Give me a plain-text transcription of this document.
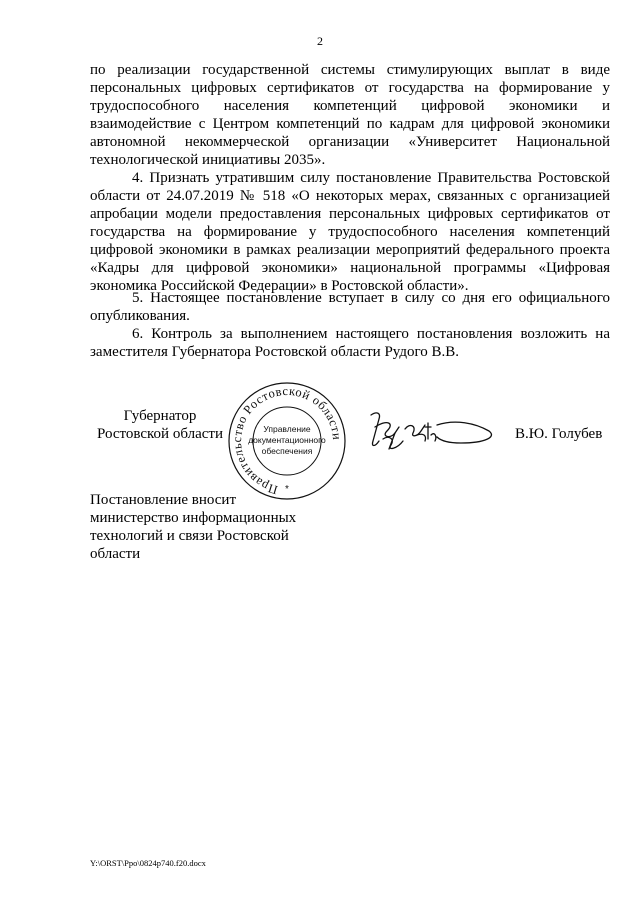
2

по реализации государственной системы стимулирующих выплат в виде персональных цифровых сертификатов от государства на формирование у трудоспособного населения компетенций цифровой экономики и взаимодействие с Центром компетенций по кадрам для цифровой экономики автономной некоммерческой организации «Университет Национальной технологической инициативы 2035».

4. Признать утратившим силу постановление Правительства Ростовской области от 24.07.2019 № 518 «О некоторых мерах, связанных с организацией апробации модели предоставления персональных цифровых сертификатов от государства на формирование у трудоспособного населения компетенций цифровой экономики в рамках реализации мероприятий федерального проекта «Кадры для цифровой экономики» национальной программы «Цифровая экономика Российской Федерации» в Ростовской области».

5. Настоящее постановление вступает в силу со дня его официального опубликования.

6. Контроль за выполнением настоящего постановления возложить на заместителя Губернатора Ростовской области Рудого В.В.

Губернатор
Ростовской области
Правительство Ростовской области
Управление
документационного
обеспечения
*
В.Ю. Голубев
Постановление вносит министерство информационных технологий и связи Ростовской области
Y:\ORST\Ppo\0824p740.f20.docx
